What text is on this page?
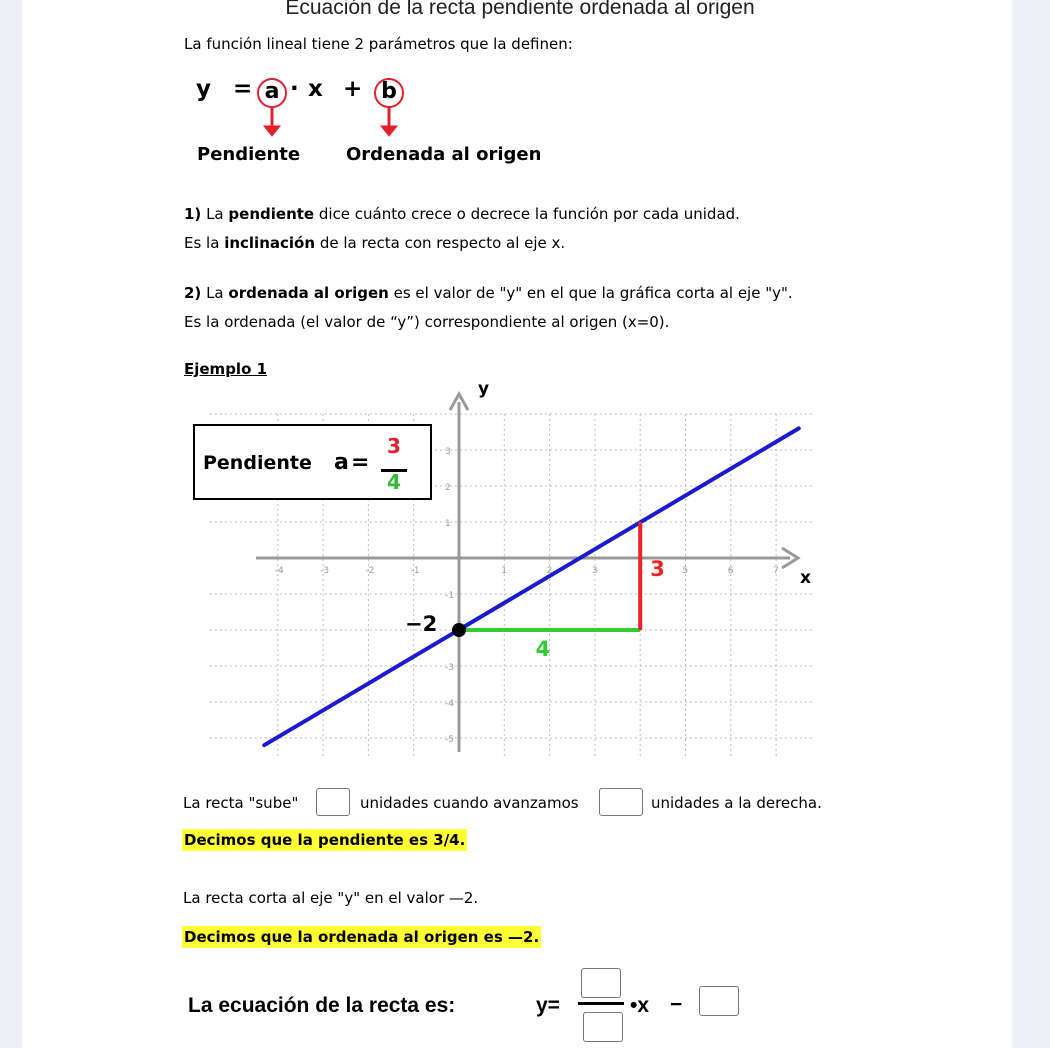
Ecuación de la recta pendiente ordenada al origen
La función lineal tiene 2 parámetros que la definen:
y = a · x + b
Pendiente	Ordenada al origen
1) La pendiente dice cuánto crece o decrece la función por cada unidad.
Es la inclinación de la recta con respecto al eje x.
2) La ordenada al origen es el valor de "y" en el que la gráfica corta al eje "y".
Es la ordenada (el valor de “y”) correspondiente al origen (x=0).
Ejemplo 1
x
y
-4	-3	-2	-1	1	2	3	5	6	7
3
2
1
-1
-3
-4
-5
4
3
−2
Pendiente a =
3
4
La recta "sube"	unidades cuando avanzamos	unidades a la derecha.
Decimos que la pendiente es 3/4.
La recta corta al eje "y" en el valor —2.
Decimos que la ordenada al origen es —2.
La ecuación de la recta es:	y=	•x −
